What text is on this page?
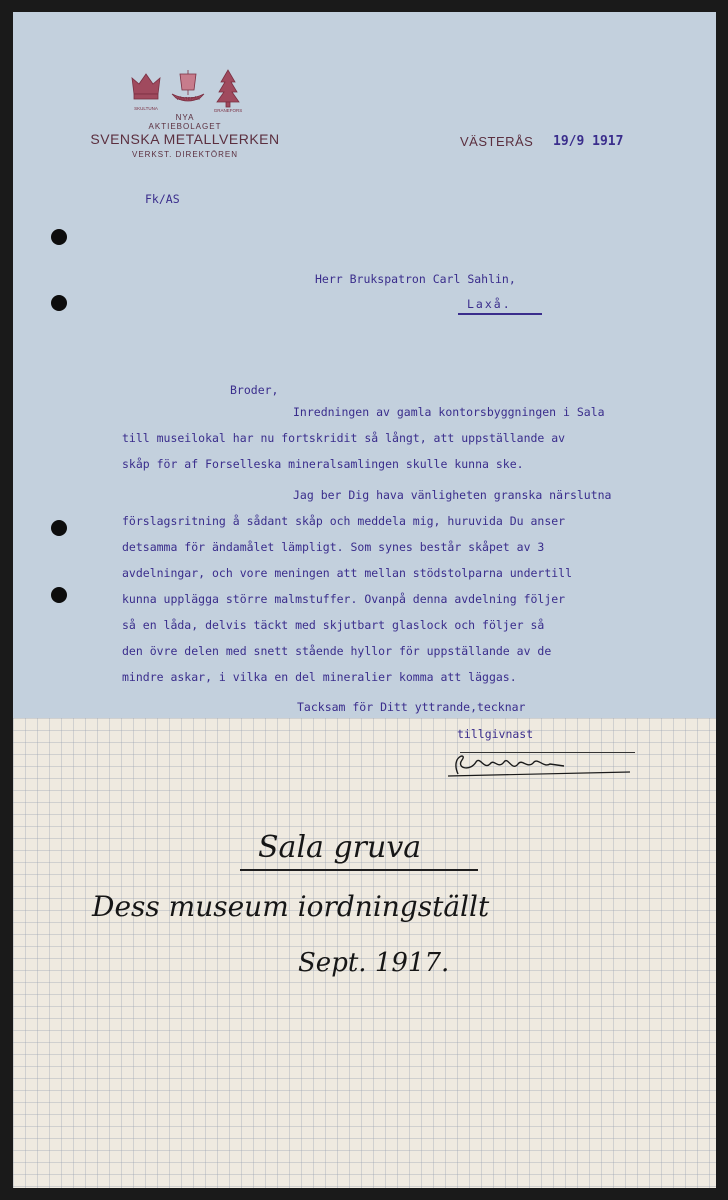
SKULTUNA
VÄSTERÅS
GRANEFORS
NYA
AKTIEBOLAGET
SVENSKA METALLVERKEN
VERKST. DIREKTÖREN
VÄSTERÅS	19/9 1917
Fk/AS
Herr Brukspatron Carl Sahlin,
Laxå.
Broder,
Inredningen av gamla kontorsbyggningen i Sala
till museilokal har nu fortskridit så långt, att uppställande av
skåp för af Forselleska mineralsamlingen skulle kunna ske.
Jag ber Dig hava vänligheten granska närslutna
förslagsritning å sådant skåp och meddela mig, huruvida Du anser
detsamma för ändamålet lämpligt. Som synes består skåpet av 3
avdelningar, och vore meningen att mellan stödstolparna undertill
kunna upplägga större malmstuffer. Ovanpå denna avdelning följer
så en låda, delvis täckt med skjutbart glaslock och följer så
den övre delen med snett stående hyllor för uppställande av de
mindre askar, i vilka en del mineralier komma att läggas.
Tacksam för Ditt yttrande,tecknar
tillgivnast
Sala gruva
Dess museum iordningställt
Sept. 1917.
